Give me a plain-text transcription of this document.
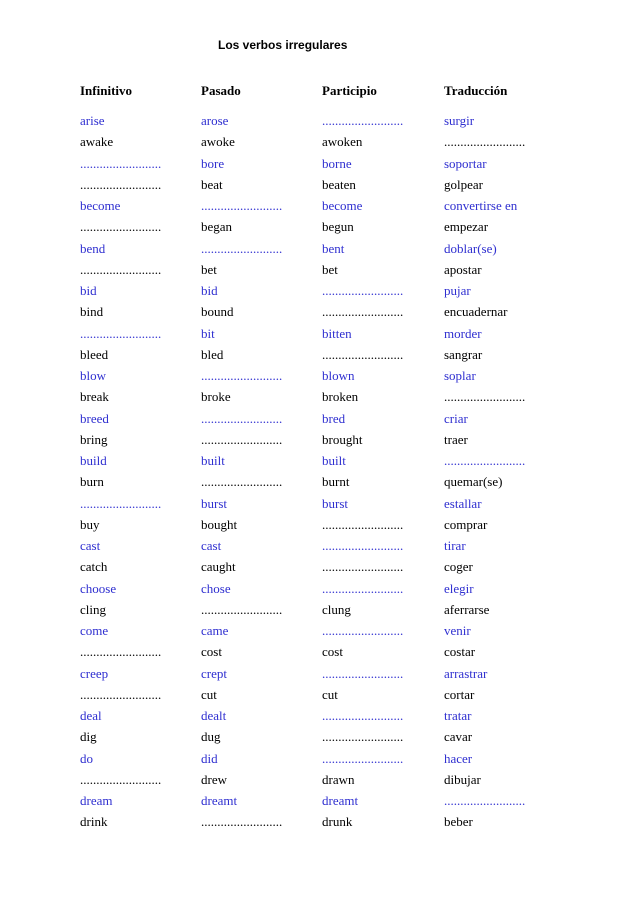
Los verbos irregulares
Infinitivo	Pasado	Participio	Traducción
arise	arose	.........................	surgir
awake	awoke	awoken	.........................
.........................	bore	borne	soportar
.........................	beat	beaten	golpear
become	.........................	become	convertirse en
.........................	began	begun	empezar
bend	.........................	bent	doblar(se)
.........................	bet	bet	apostar
bid	bid	.........................	pujar
bind	bound	.........................	encuadernar
.........................	bit	bitten	morder
bleed	bled	.........................	sangrar
blow	.........................	blown	soplar
break	broke	broken	.........................
breed	.........................	bred	criar
bring	.........................	brought	traer
build	built	built	.........................
burn	.........................	burnt	quemar(se)
.........................	burst	burst	estallar
buy	bought	.........................	comprar
cast	cast	.........................	tirar
catch	caught	.........................	coger
choose	chose	.........................	elegir
cling	.........................	clung	aferrarse
come	came	.........................	venir
.........................	cost	cost	costar
creep	crept	.........................	arrastrar
.........................	cut	cut	cortar
deal	dealt	.........................	tratar
dig	dug	.........................	cavar
do	did	.........................	hacer
.........................	drew	drawn	dibujar
dream	dreamt	dreamt	.........................
drink	.........................	drunk	beber
